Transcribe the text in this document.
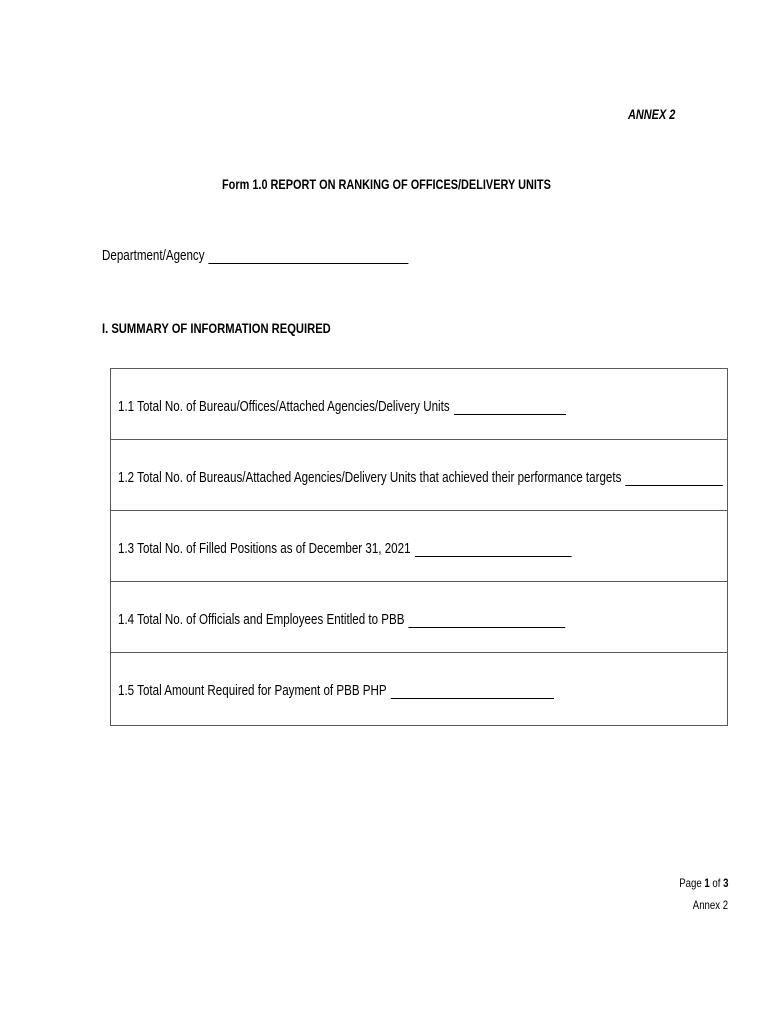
ANNEX 2
Form 1.0 REPORT ON RANKING OF OFFICES/DELIVERY UNITS
Department/Agency
I. SUMMARY OF INFORMATION REQUIRED
1.1 Total No. of Bureau/Offices/Attached Agencies/Delivery Units
1.2 Total No. of Bureaus/Attached Agencies/Delivery Units that achieved their performance targets
1.3 Total No. of Filled Positions as of December 31, 2021
1.4 Total No. of Officials and Employees Entitled to PBB
1.5 Total Amount Required for Payment of PBB PHP
Page 1 of 3
Annex 2
